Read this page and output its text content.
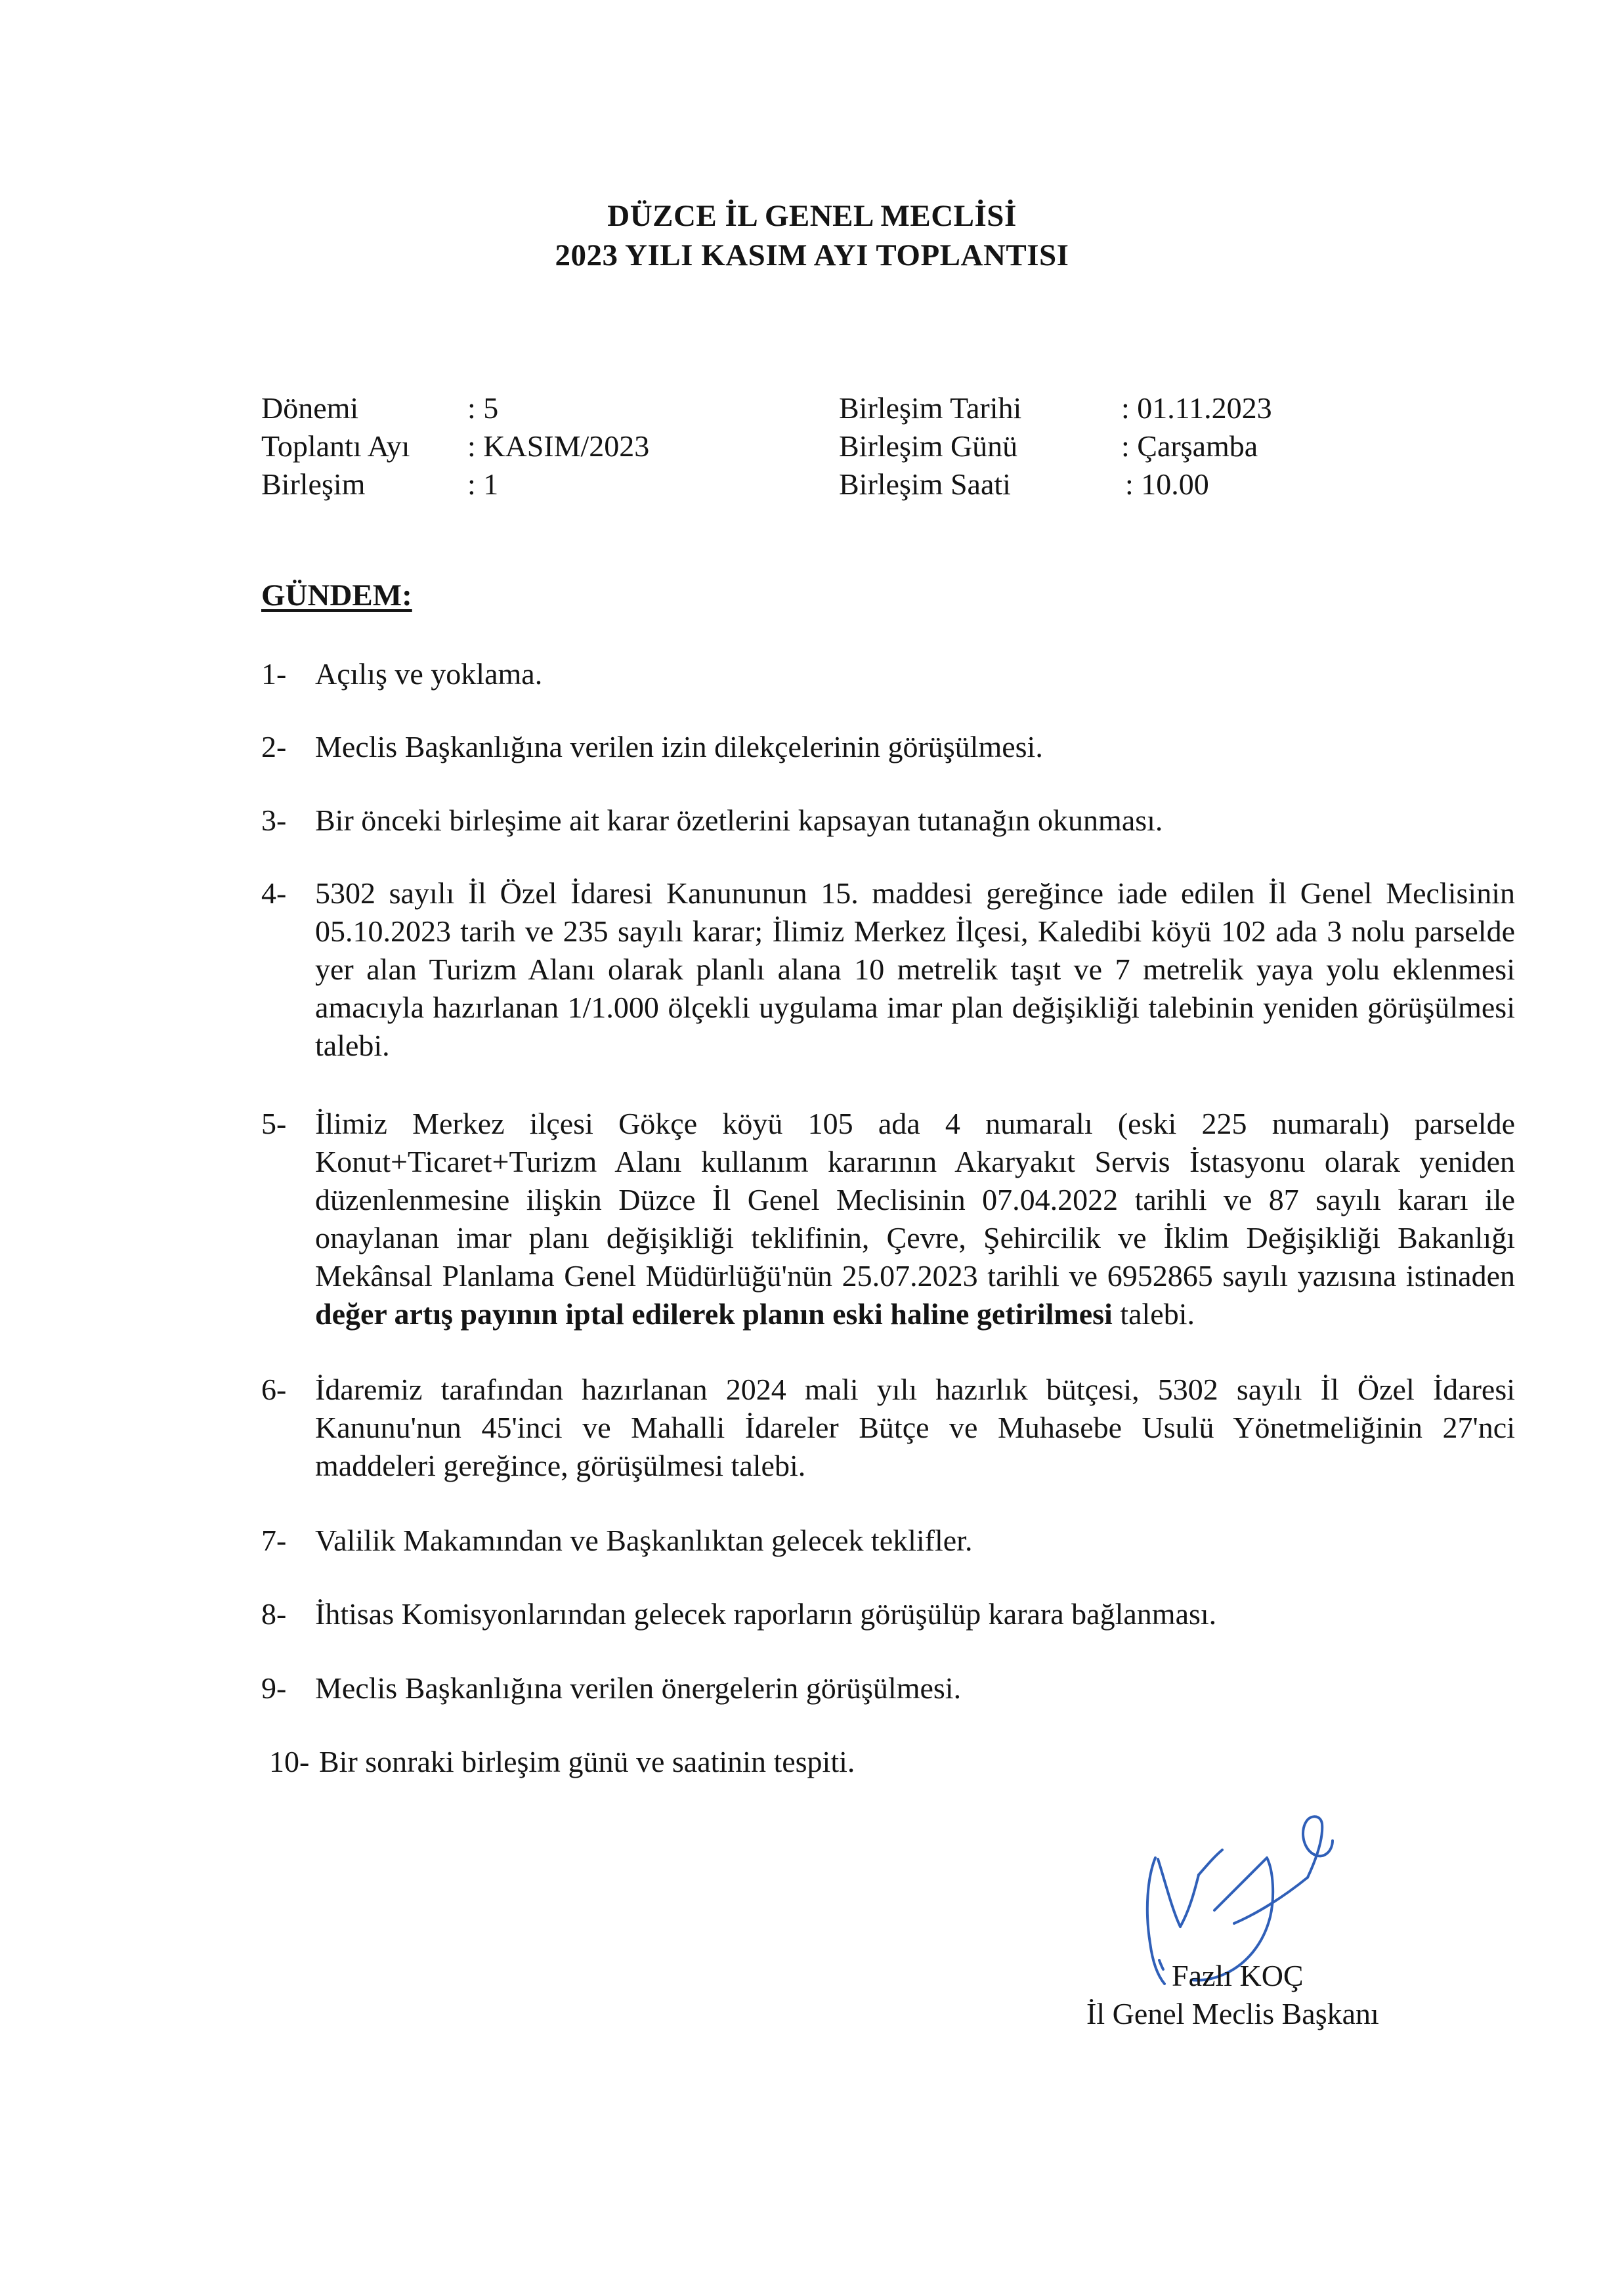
DÜZCE İL GENEL MECLİSİ
2023 YILI KASIM AYI TOPLANTISI
Dönemi	: 5
Toplantı Ayı : KASIM/2023
Birleşim	: 1
Birleşim Tarihi	: 01.11.2023
Birleşim Günü	: Çarşamba
Birleşim Saati	: 10.00
GÜNDEM:
1- Açılış ve yoklama.
2- Meclis Başkanlığına verilen izin dilekçelerinin görüşülmesi.
3- Bir önceki birleşime ait karar özetlerini kapsayan tutanağın okunması.
4- 5302 sayılı İl Özel İdaresi Kanununun 15. maddesi gereğince iade edilen İl Genel Meclisinin 05.10.2023 tarih ve 235 sayılı karar; İlimiz Merkez İlçesi, Kaledibi köyü 102 ada 3 nolu parselde yer alan Turizm Alanı olarak planlı alana 10 metrelik taşıt ve 7 metrelik yaya yolu eklenmesi amacıyla hazırlanan 1/1.000 ölçekli uygulama imar plan değişikliği talebinin yeniden görüşülmesi talebi.
5- İlimiz Merkez ilçesi Gökçe köyü 105 ada 4 numaralı (eski 225 numaralı) parselde Konut+Ticaret+Turizm Alanı kullanım kararının Akaryakıt Servis İstasyonu olarak yeniden düzenlenmesine ilişkin Düzce İl Genel Meclisinin 07.04.2022 tarihli ve 87 sayılı kararı ile onaylanan imar planı değişikliği teklifinin, Çevre, Şehircilik ve İklim Değişikliği Bakanlığı Mekânsal Planlama Genel Müdürlüğü'nün 25.07.2023 tarihli ve 6952865 sayılı yazısına istinaden değer artış payının iptal edilerek planın eski haline getirilmesi talebi.
6- İdaremiz tarafından hazırlanan 2024 mali yılı hazırlık bütçesi, 5302 sayılı İl Özel İdaresi Kanunu'nun 45'inci ve Mahalli İdareler Bütçe ve Muhasebe Usulü Yönetmeliğinin 27'nci maddeleri gereğince, görüşülmesi talebi.
7- Valilik Makamından ve Başkanlıktan gelecek teklifler.
8- İhtisas Komisyonlarından gelecek raporların görüşülüp karara bağlanması.
9- Meclis Başkanlığına verilen önergelerin görüşülmesi.
10- Bir sonraki birleşim günü ve saatinin tespiti.
Fazlı KOÇ
İl Genel Meclis Başkanı
